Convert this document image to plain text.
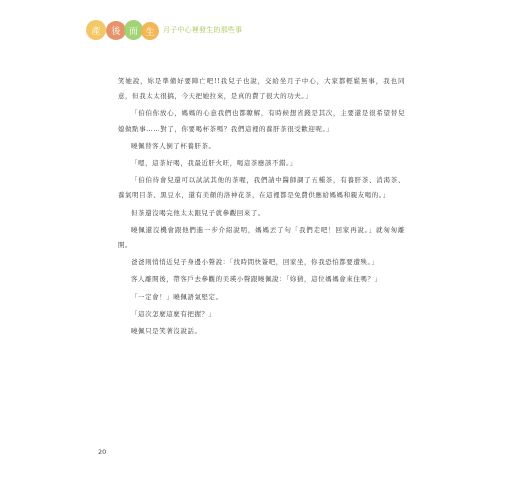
產	後 而 生	月子中心裡發生的那些事

笑她說，妳是準備好要陣亡吧!!我兒子也說，交給坐月子中心，大家都輕鬆無事，我也同意，但我太太很搞，今天把她拉來，是真的費了很大的功夫。」

「伯伯你放心，媽媽的心意我們也都瞭解，有時候想省錢是其次，主要還是很希望替兒媳做點事……對了，你要喝杯茶嗎？我們這裡的養肝茶很受歡迎呢。」

曉佩替客人倒了杯養肝茶。

「嗯，這茶好喝，我最近肝火旺，喝這茶應該不錯。」

「伯伯待會兒還可以試試其他的茶喔，我們請中醫師調了五種茶，有養肝茶、消渴茶、養氣明目茶、黑豆水，還有美顏的洛神花茶，在這裡都是免費供應給媽媽和親友喝的。」

但茶還沒喝完他太太跟兒子就參觀回來了。

曉佩還沒機會跟他們進一步介紹說明，媽媽丟了句「我們走吧！回家再說。」就匆匆離開。

爸爸則悄悄近兒子身邊小聲說：「找時間快簽吧，回家坐，你我恐怕都要遭殃。」

客人離開後，帶客戶去參觀的美瑛小聲跟曉佩說：「妳猜，這位媽媽會來住嗎？」

「一定會！」曉佩語氣堅定。

「這次怎麼這麼有把握？」

曉佩只是笑著沒說話。

20
